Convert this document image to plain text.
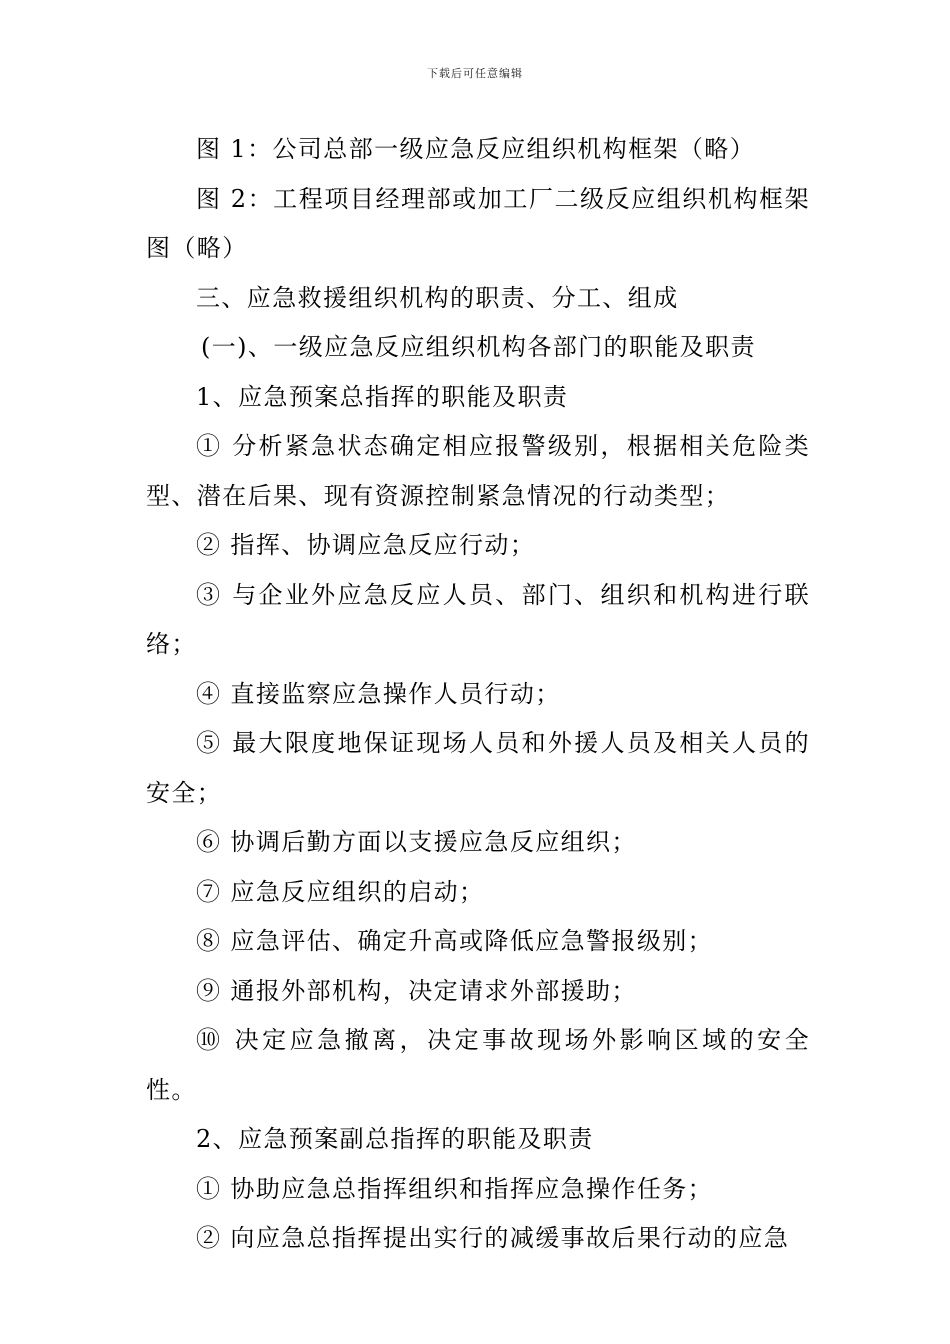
下载后可任意编辑

图 1：公司总部一级应急反应组织机构框架（略）

图 2：工程项目经理部或加工厂二级反应组织机构框架图（略）

三、应急救援组织机构的职责、分工、组成

(一)、一级应急反应组织机构各部门的职能及职责

1、应急预案总指挥的职能及职责

① 分析紧急状态确定相应报警级别，根据相关危险类型、潜在后果、现有资源控制紧急情况的行动类型；

② 指挥、协调应急反应行动；

③ 与企业外应急反应人员、部门、组织和机构进行联络；

④ 直接监察应急操作人员行动；

⑤ 最大限度地保证现场人员和外援人员及相关人员的安全；

⑥ 协调后勤方面以支援应急反应组织；

⑦ 应急反应组织的启动；

⑧ 应急评估、确定升高或降低应急警报级别；

⑨ 通报外部机构，决定请求外部援助；

⑩ 决定应急撤离，决定事故现场外影响区域的安全性。

2、应急预案副总指挥的职能及职责

① 协助应急总指挥组织和指挥应急操作任务；

② 向应急总指挥提出实行的减缓事故后果行动的应急
